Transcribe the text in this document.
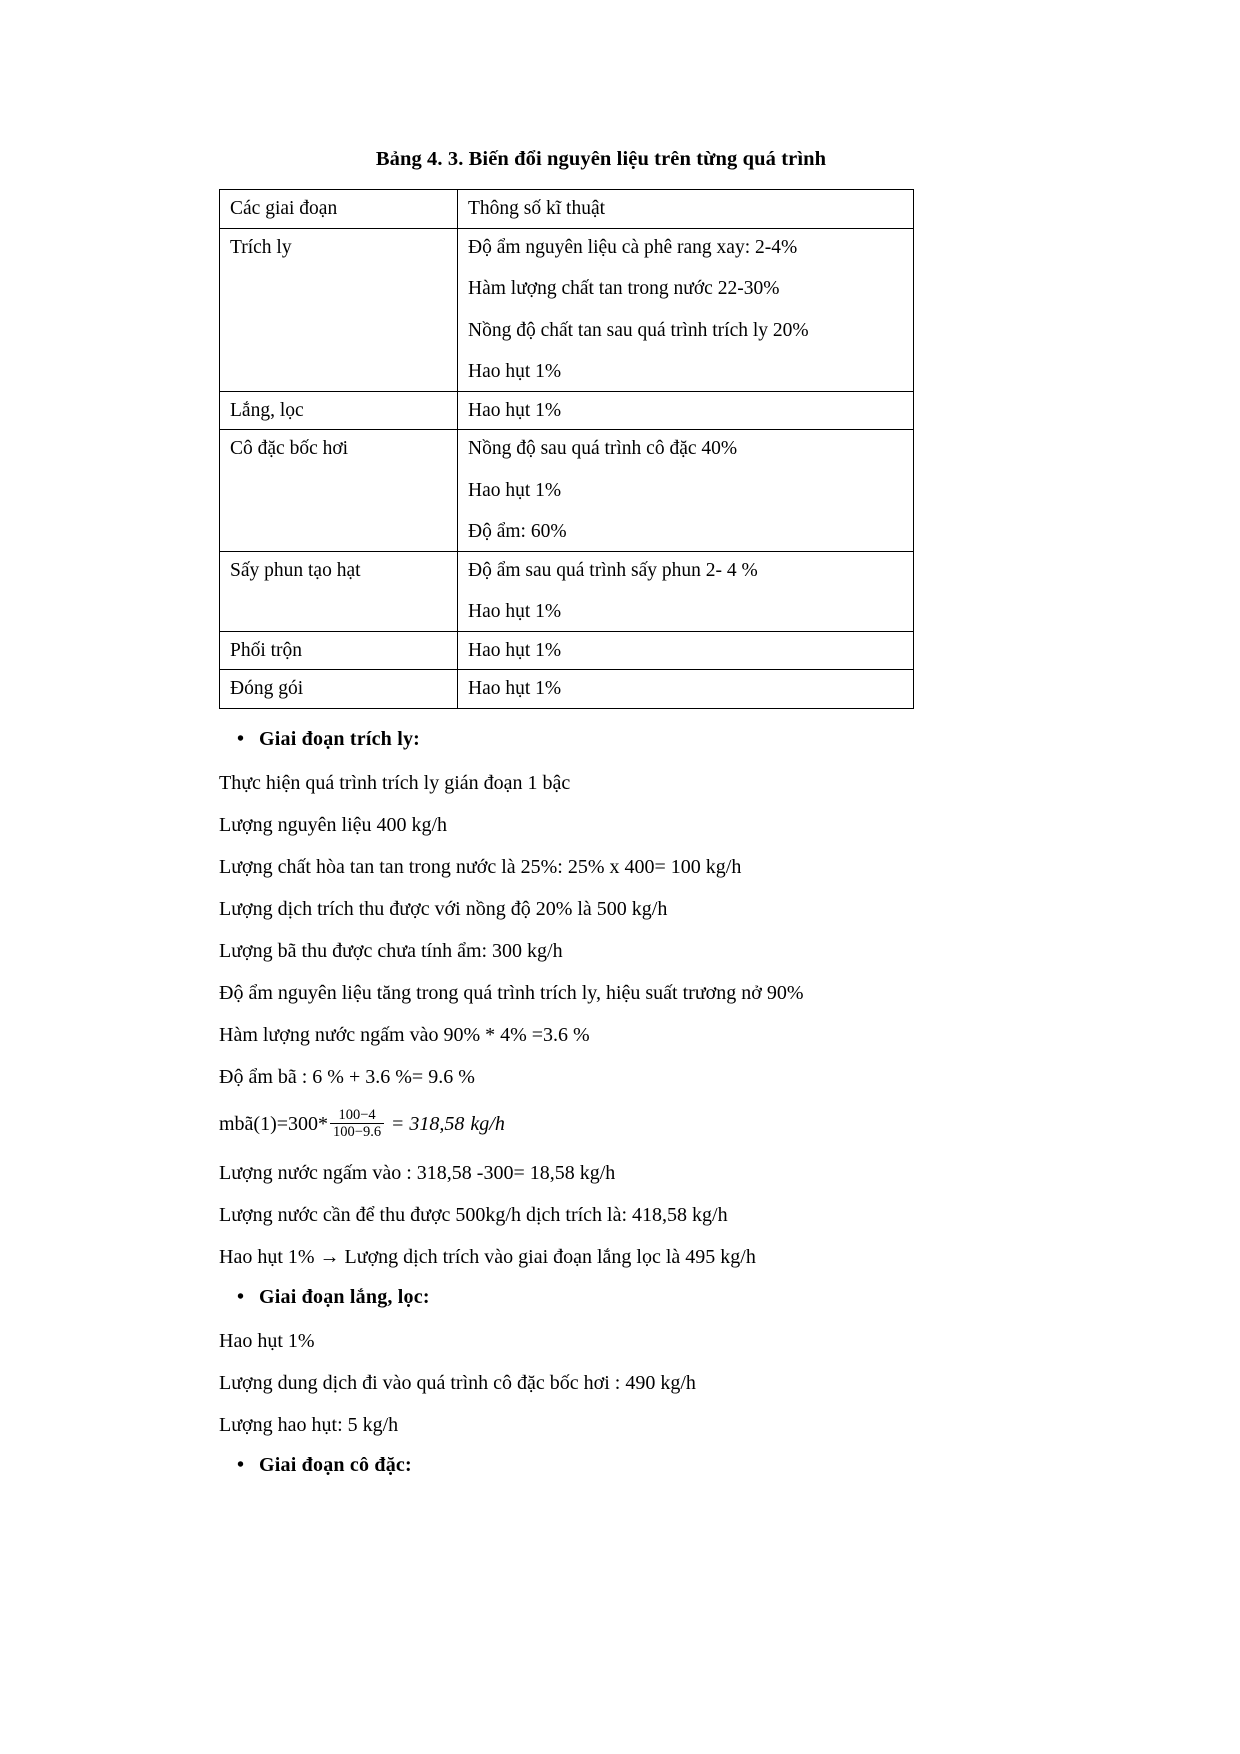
Bảng 4. 3. Biến đổi nguyên liệu trên từng quá trình
Các giai đoạn	Thông số kĩ thuật

Trích ly	Độ ẩm nguyên liệu cà phê rang xay: 2-4%
Hàm lượng chất tan trong nước 22-30%
Nồng độ chất tan sau quá trình trích ly 20%
Hao hụt 1%

Lắng, lọc	Hao hụt 1%

Cô đặc bốc hơi	Nồng độ sau quá trình cô đặc 40%
Hao hụt 1%
Độ ẩm: 60%

Sấy phun tạo hạt	Độ ẩm sau quá trình sấy phun 2- 4 %
Hao hụt 1%

Phối trộn	Hao hụt 1%

Đóng gói	Hao hụt 1%
• Giai đoạn trích ly:

Thực hiện quá trình trích ly gián đoạn 1 bậc

Lượng nguyên liệu 400 kg/h

Lượng chất hòa tan tan trong nước là 25%: 25% x 400= 100 kg/h

Lượng dịch trích thu được với nồng độ 20% là 500 kg/h

Lượng bã thu được chưa tính ẩm: 300 kg/h

Độ ẩm nguyên liệu tăng trong quá trình trích ly, hiệu suất trương nở 90%

Hàm lượng nước ngấm vào 90% * 4% =3.6 %

Độ ẩm bã : 6 % + 3.6 %= 9.6 %

mbã(1)=300* $\frac{100-4}{100-9.6} = 318,58$ kg/h

Lượng nước ngấm vào : 318,58 -300= 18,58 kg/h

Lượng nước cần để thu được 500kg/h dịch trích là: 418,58 kg/h

Hao hụt 1% → Lượng dịch trích vào giai đoạn lắng lọc là 495 kg/h

• Giai đoạn lắng, lọc:

Hao hụt 1%

Lượng dung dịch đi vào quá trình cô đặc bốc hơi : 490 kg/h

Lượng hao hụt: 5 kg/h

• Giai đoạn cô đặc:
